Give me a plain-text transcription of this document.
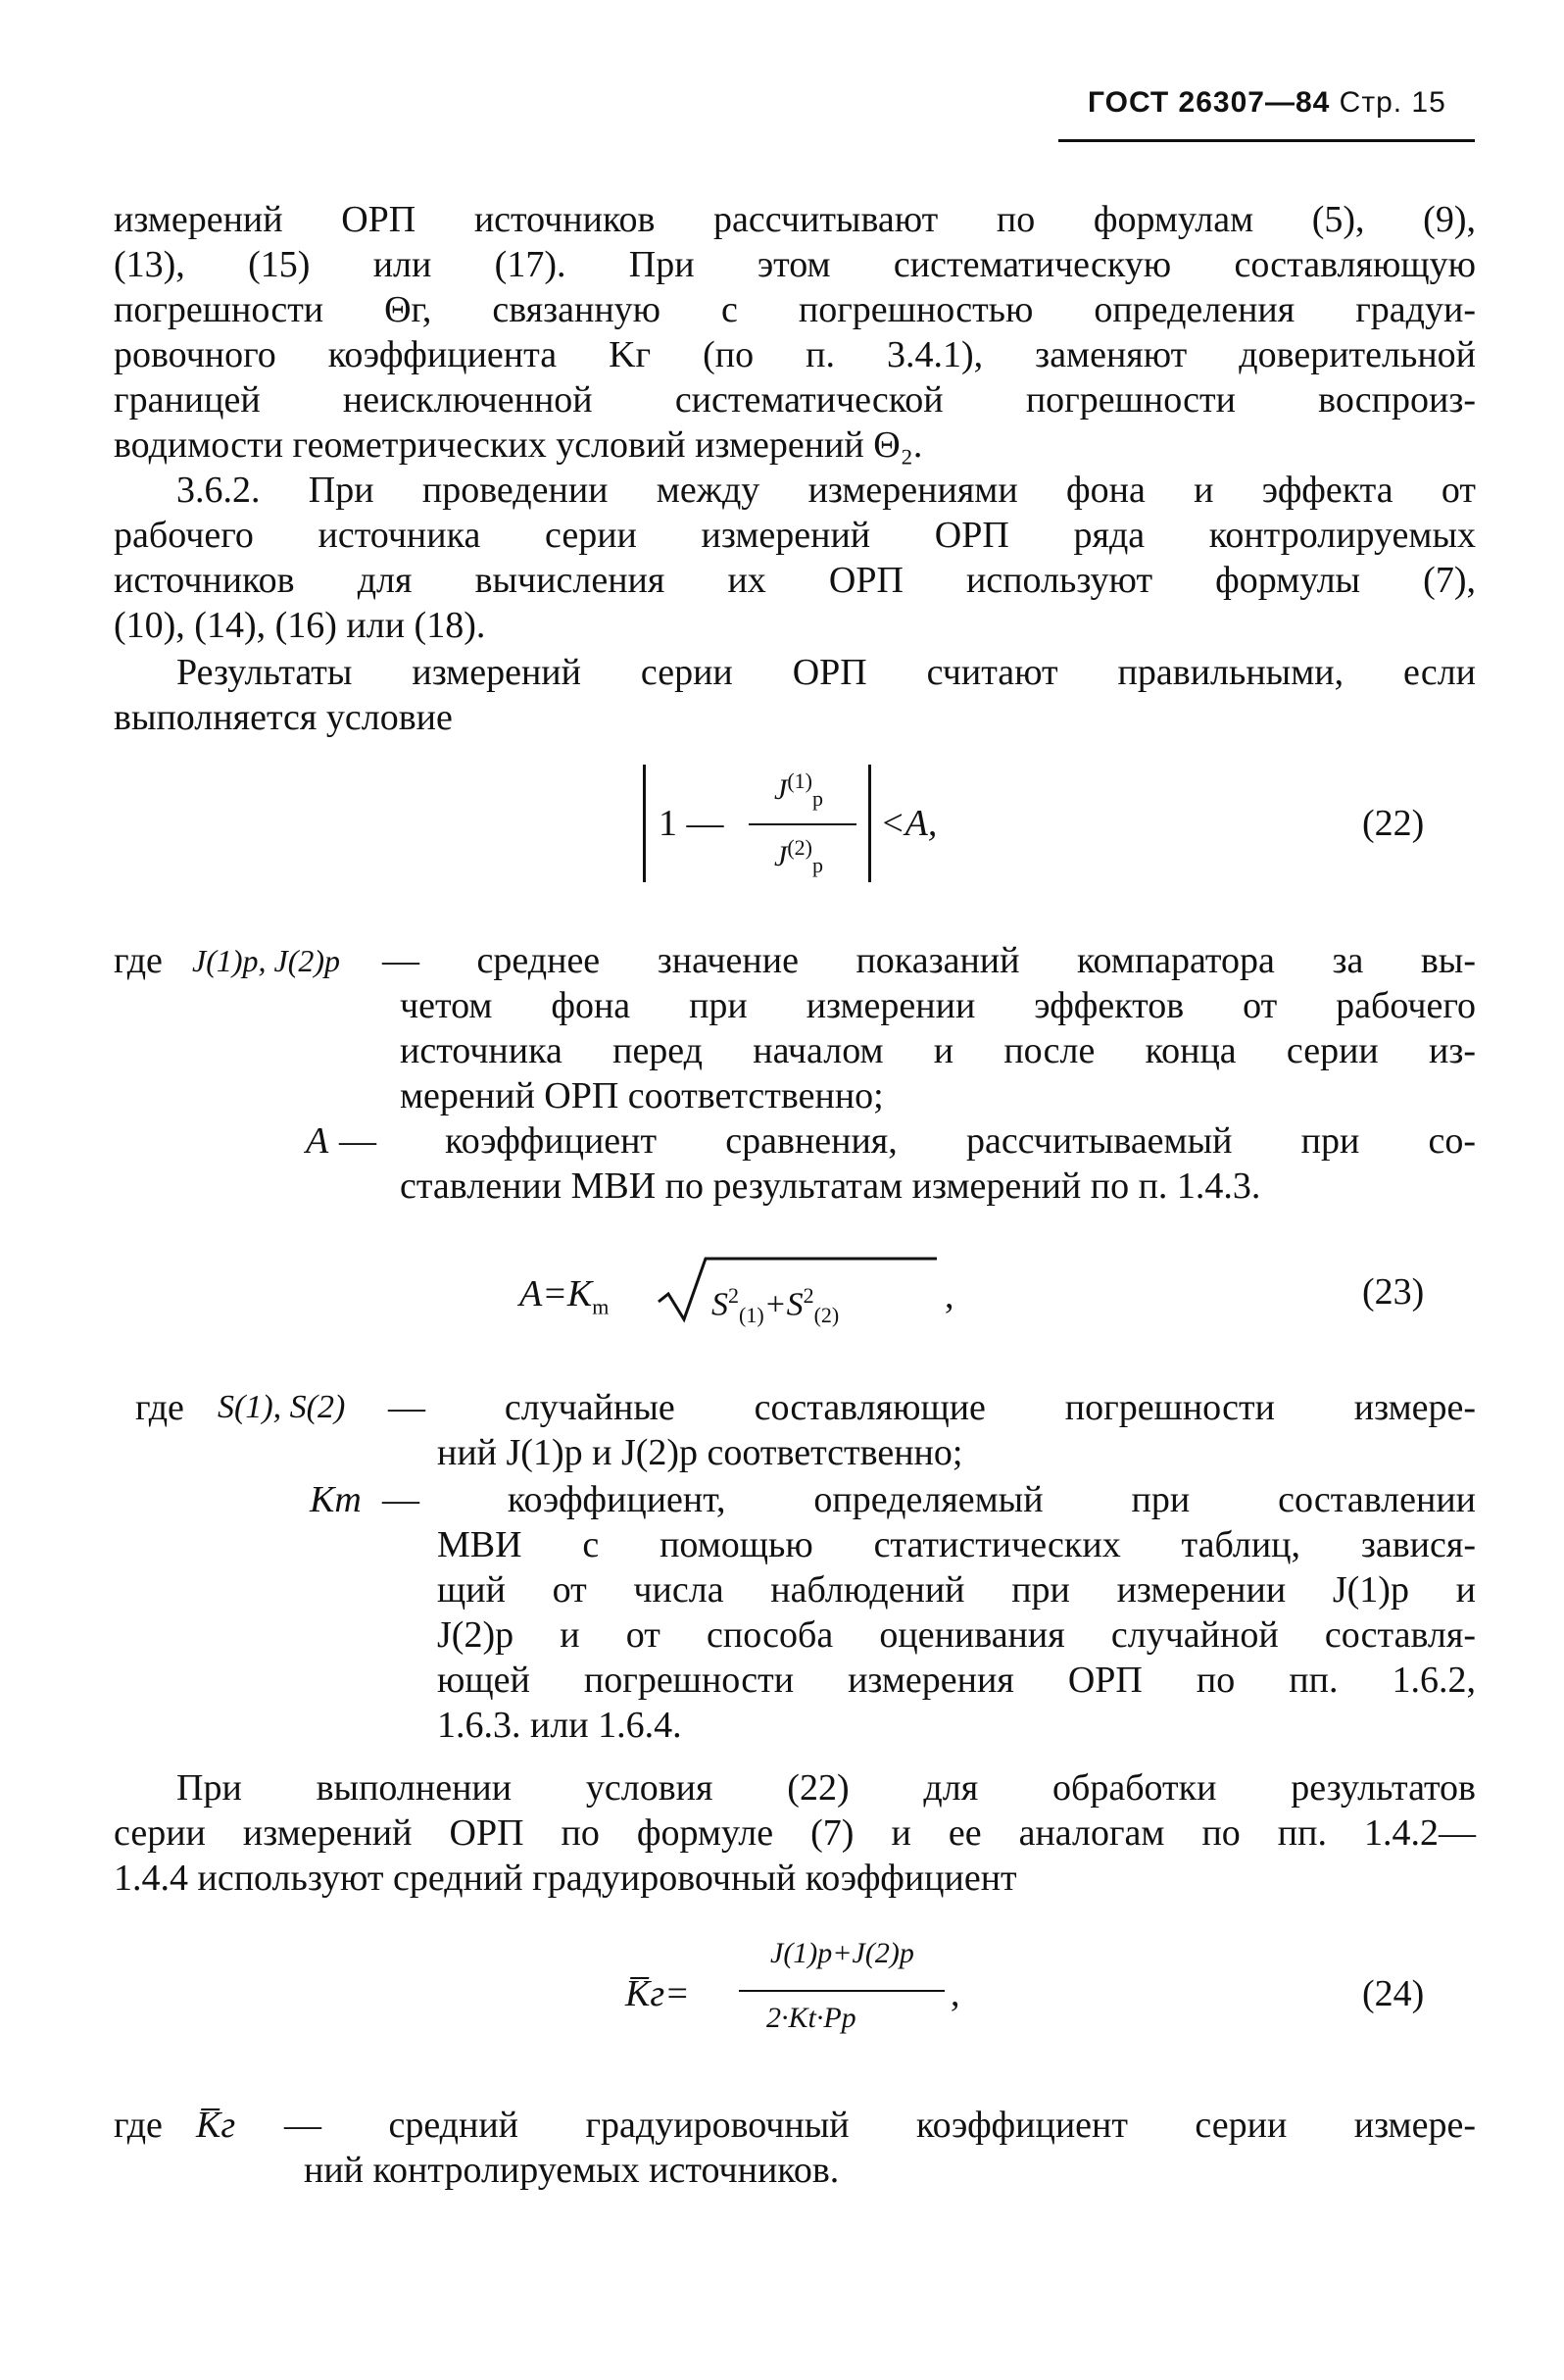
ГОСТ 26307—84 Стр. 15
измерений ОРП источников рассчитывают по формулам (5), (9),
(13), (15) или (17). При этом систематическую составляющую
погрешности Θг, связанную с погрешностью определения градуи-
ровочного коэффициента Kг (по п. 3.4.1), заменяют доверительной
границей неисключенной систематической погрешности воспроиз-
водимости геометрических условий измерений Θ₂.
3.6.2. При проведении между измерениями фона и эффекта от
рабочего источника серии измерений ОРП ряда контролируемых
источников для вычисления их ОРП используют формулы (7),
(10), (14), (16) или (18).
Результаты измерений серии ОРП считают правильными, если
выполняется условие
1 —
$J^{(1)}_p$
$J^{(2)}_p$
<A,	(22)
где J(1)p, J(2)p — среднее значение показаний компаратора за вы-
четом фона при измерении эффектов от рабочего
источника перед началом и после конца серии из-
мерений ОРП соответственно;
A — коэффициент сравнения, рассчитываемый при со-
ставлении МВИ по результатам измерений по п. 1.4.3.
$A=K_m$	$S^2_{(1)}+S^2_{(2)}$	,	(23)
где S(1), S(2) — случайные составляющие погрешности измере-
ний J(1)p и J(2)p соответственно;
Km — коэффициент, определяемый при составлении
МВИ с помощью статистических таблиц, завися-
щий от числа наблюдений при измерении J(1)p и
J(2)p и от способа оценивания случайной составля-
ющей погрешности измерения ОРП по пп. 1.6.2,
1.6.3. или 1.6.4.
При выполнении условия (22) для обработки результатов
серии измерений ОРП по формуле (7) и ее аналогам по пп. 1.4.2—
1.4.4 используют средний градуировочный коэффициент
K̅г=
J(1)p+J(2)p
2·Kt·Pp
,	(24)
где K̅г — средний градуировочный коэффициент серии измере-
ний контролируемых источников.
